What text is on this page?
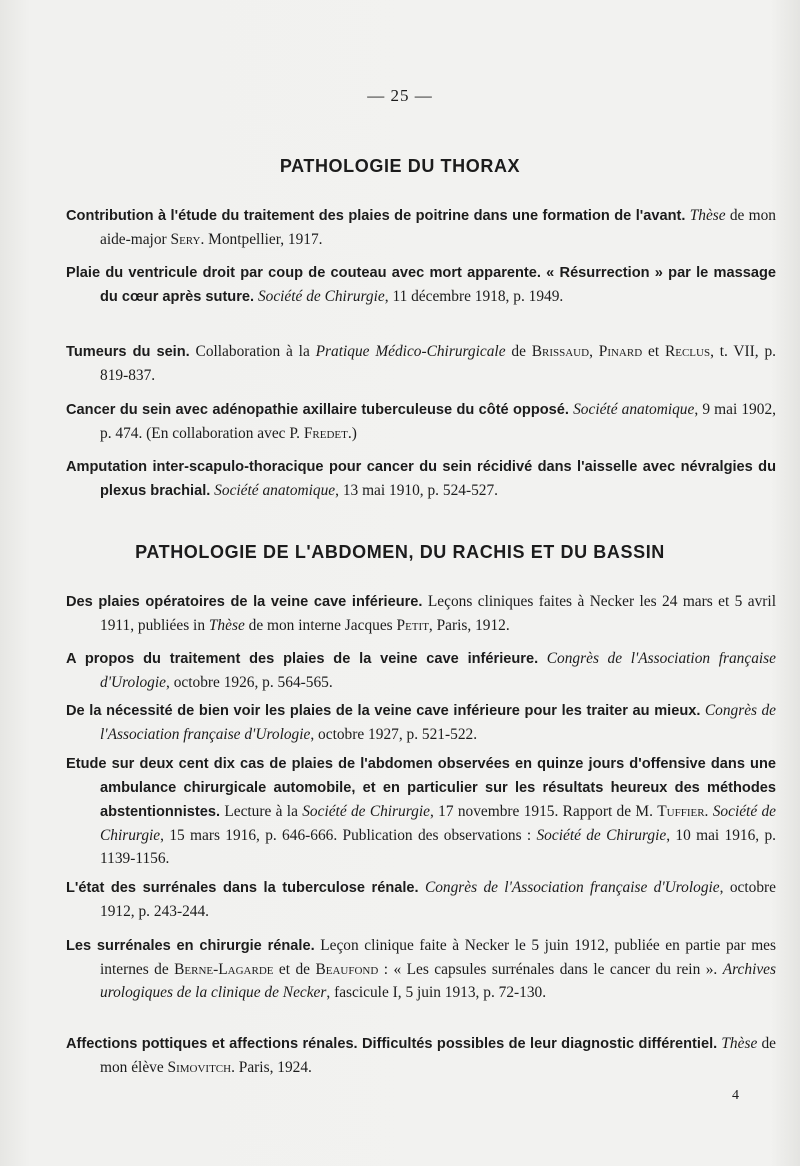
— 25 —
PATHOLOGIE DU THORAX
Contribution à l'étude du traitement des plaies de poitrine dans une formation de l'avant. Thèse de mon aide-major Sery. Montpellier, 1917.
Plaie du ventricule droit par coup de couteau avec mort apparente. « Résurrection » par le massage du cœur après suture. Société de Chirurgie, 11 décembre 1918, p. 1949.
Tumeurs du sein. Collaboration à la Pratique Médico-Chirurgicale de Brissaud, Pinard et Reclus, t. VII, p. 819-837.
Cancer du sein avec adénopathie axillaire tuberculeuse du côté opposé. Société anatomique, 9 mai 1902, p. 474. (En collaboration avec P. Fredet.)
Amputation inter-scapulo-thoracique pour cancer du sein récidivé dans l'aisselle avec névralgies du plexus brachial. Société anatomique, 13 mai 1910, p. 524-527.
PATHOLOGIE DE L'ABDOMEN, DU RACHIS ET DU BASSIN
Des plaies opératoires de la veine cave inférieure. Leçons cliniques faites à Necker les 24 mars et 5 avril 1911, publiées in Thèse de mon interne Jacques Petit, Paris, 1912.
A propos du traitement des plaies de la veine cave inférieure. Congrès de l'Association française d'Urologie, octobre 1926, p. 564-565.
De la nécessité de bien voir les plaies de la veine cave inférieure pour les traiter au mieux. Congrès de l'Association française d'Urologie, octobre 1927, p. 521-522.
Etude sur deux cent dix cas de plaies de l'abdomen observées en quinze jours d'offensive dans une ambulance chirurgicale automobile, et en particulier sur les résultats heureux des méthodes abstentionnistes. Lecture à la Société de Chirurgie, 17 novembre 1915. Rapport de M. Tuffier. Société de Chirurgie, 15 mars 1916, p. 646-666. Publication des observations : Société de Chirurgie, 10 mai 1916, p. 1139-1156.
L'état des surrénales dans la tuberculose rénale. Congrès de l'Association française d'Urologie, octobre 1912, p. 243-244.
Les surrénales en chirurgie rénale. Leçon clinique faite à Necker le 5 juin 1912, publiée en partie par mes internes de Berne-Lagarde et de Beaufond : « Les capsules surrénales dans le cancer du rein ». Archives urologiques de la clinique de Necker, fascicule I, 5 juin 1913, p. 72-130.
Affections pottiques et affections rénales. Difficultés possibles de leur diagnostic différentiel. Thèse de mon élève Simovitch. Paris, 1924.
4
